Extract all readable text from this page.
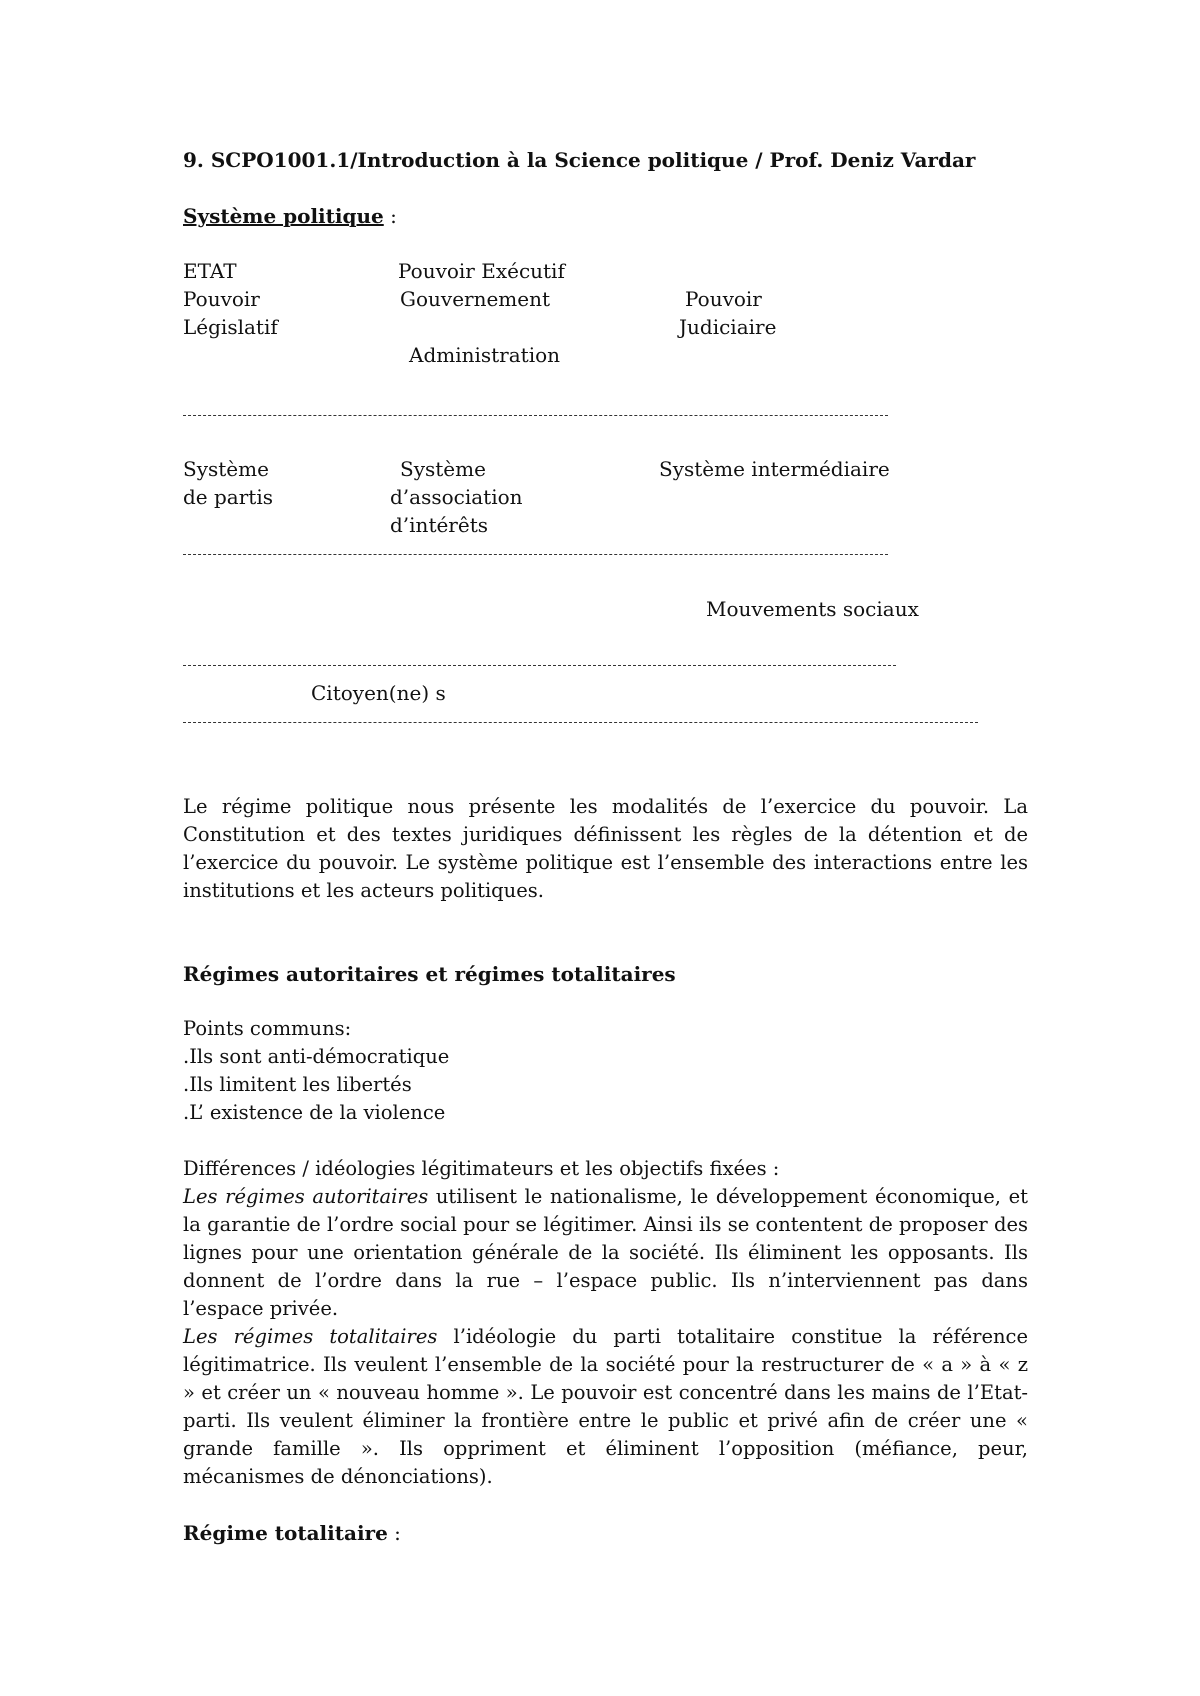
9. SCPO1001.1/Introduction à la Science politique / Prof. Deniz Vardar
Système politique :
ETAT	Pouvoir Exécutif
Pouvoir	Gouvernement	Pouvoir
Législatif	Judiciaire
Administration
Système	Système	Système intermédiaire
de partis	d’association
d’intérêts
Mouvements sociaux
Citoyen(ne) s
Le régime politique nous présente les modalités de l’exercice du pouvoir. La Constitution et des textes juridiques définissent les règles de la détention et de l’exercice du pouvoir. Le système politique est l’ensemble des interactions entre les institutions et les acteurs politiques.
Régimes autoritaires et régimes totalitaires
Points communs:
.Ils sont anti-démocratique
.Ils limitent les libertés
.L’ existence de la violence
Différences / idéologies légitimateurs et les objectifs fixées :
Les régimes autoritaires utilisent le nationalisme, le développement économique, et la garantie de l’ordre social pour se légitimer. Ainsi ils se contentent de proposer des lignes pour une orientation générale de la société. Ils éliminent les opposants. Ils donnent de l’ordre dans la rue – l’espace public. Ils n’interviennent pas dans l’espace privée.
Les régimes totalitaires l’idéologie du parti totalitaire constitue la référence légitimatrice. Ils veulent l’ensemble de la société pour la restructurer de « a » à « z » et créer un « nouveau homme ». Le pouvoir est concentré dans les mains de l’Etat-parti. Ils veulent éliminer la frontière entre le public et privé afin de créer une « grande famille ». Ils oppriment et éliminent l’opposition (méfiance, peur, mécanismes de dénonciations).
Régime totalitaire :
